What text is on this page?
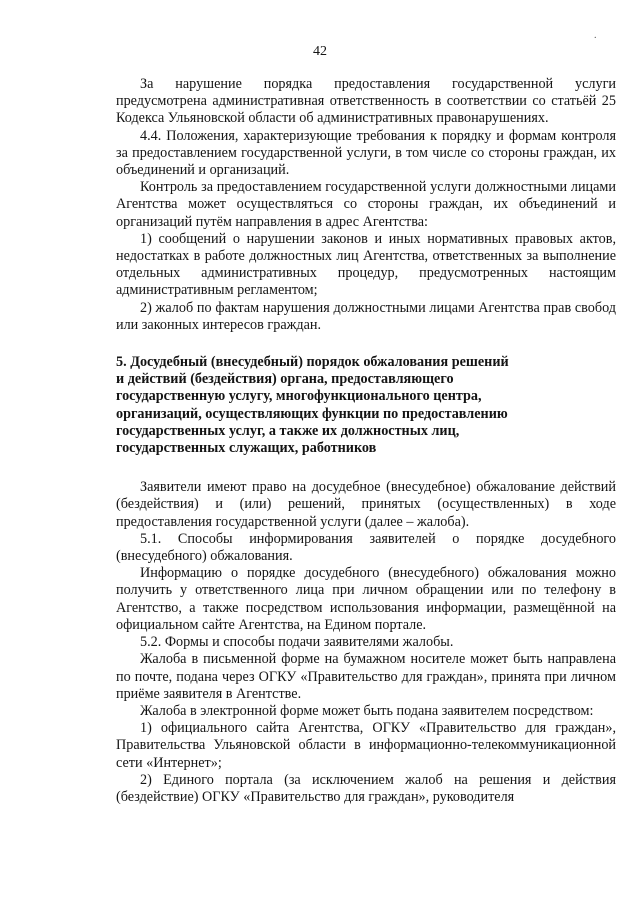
.
42

За нарушение порядка предоставления государственной услуги предусмотрена административная ответственность в соответствии со статьёй 25 Кодекса Ульяновской области об административных правонарушениях.

4.4. Положения, характеризующие требования к порядку и формам контроля за предоставлением государственной услуги, в том числе со стороны граждан, их объединений и организаций.

Контроль за предоставлением государственной услуги должностными лицами Агентства может осуществляться со стороны граждан, их объединений и организаций путём направления в адрес Агентства:

1) сообщений о нарушении законов и иных нормативных правовых актов, недостатках в работе должностных лиц Агентства, ответственных за выполнение отдельных административных процедур, предусмотренных настоящим административным регламентом;

2) жалоб по фактам нарушения должностными лицами Агентства прав свобод или законных интересов граждан.

5. Досудебный (внесудебный) порядок обжалования решений

и действий (бездействия) органа, предоставляющего

государственную услугу, многофункционального центра,

организаций, осуществляющих функции по предоставлению

государственных услуг, а также их должностных лиц,

государственных служащих, работников

Заявители имеют право на досудебное (внесудебное) обжалование действий (бездействия) и (или) решений, принятых (осуществленных) в ходе предоставления государственной услуги (далее – жалоба).

5.1. Способы информирования заявителей о порядке досудебного (внесудебного) обжалования.

Информацию о порядке досудебного (внесудебного) обжалования можно получить у ответственного лица при личном обращении или по телефону в Агентство, а также посредством использования информации, размещённой на официальном сайте Агентства, на Едином портале.

5.2. Формы и способы подачи заявителями жалобы.

Жалоба в письменной форме на бумажном носителе может быть направлена по почте, подана через ОГКУ «Правительство для граждан», принята при личном приёме заявителя в Агентстве.

Жалоба в электронной форме может быть подана заявителем посредством:

1) официального сайта Агентства, ОГКУ «Правительство для граждан», Правительства Ульяновской области в информационно-телекоммуникационной сети «Интернет»;

2) Единого портала (за исключением жалоб на решения и действия (бездействие) ОГКУ «Правительство для граждан», руководителя
